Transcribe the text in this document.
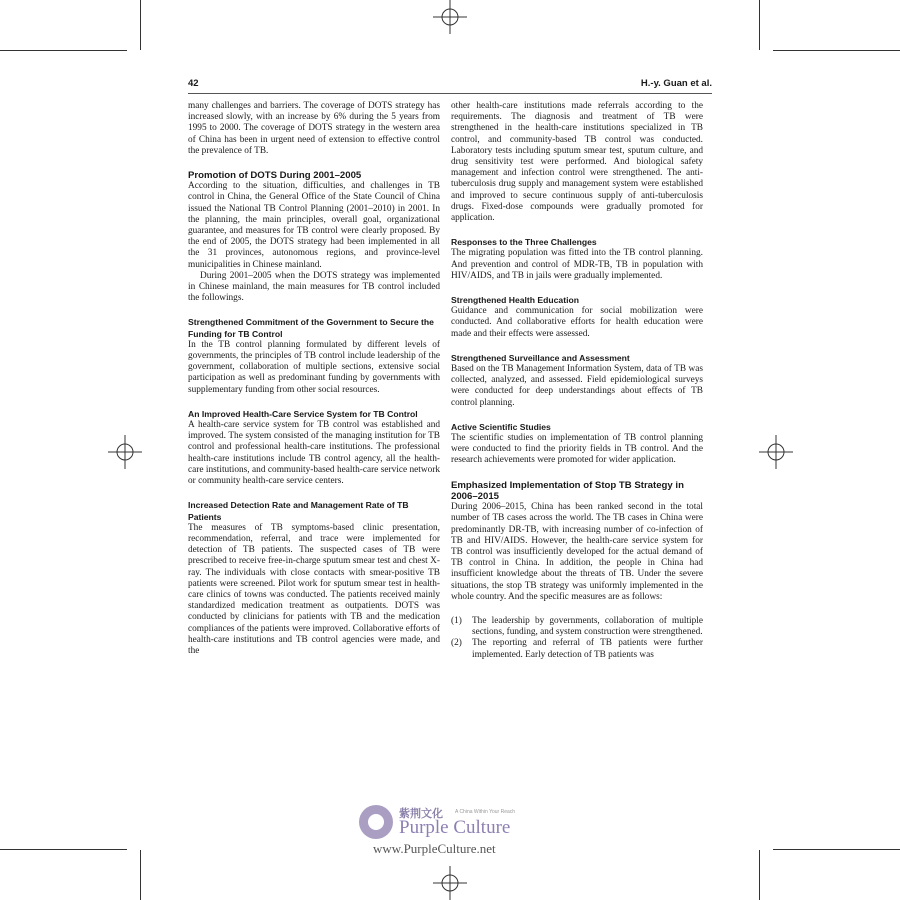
42	H.-y. Guan et al.

many challenges and barriers. The coverage of DOTS strategy has increased slowly, with an increase by 6% during the 5 years from 1995 to 2000. The coverage of DOTS strategy in the western area of China has been in urgent need of extension to effective control the prevalence of TB.

Promotion of DOTS During 2001–2005

According to the situation, difficulties, and challenges in TB control in China, the General Office of the State Council of China issued the National TB Control Planning (2001–2010) in 2001. In the planning, the main principles, overall goal, organizational guarantee, and measures for TB control were clearly proposed. By the end of 2005, the DOTS strategy had been implemented in all the 31 provinces, autonomous regions, and province-level municipalities in Chinese mainland.

During 2001–2005 when the DOTS strategy was implemented in Chinese mainland, the main measures for TB control included the followings.

Strengthened Commitment of the Government to Secure the Funding for TB Control

In the TB control planning formulated by different levels of governments, the principles of TB control include leadership of the government, collaboration of multiple sections, extensive social participation as well as predominant funding by governments with supplementary funding from other social resources.

An Improved Health-Care Service System for TB Control

A health-care service system for TB control was established and improved. The system consisted of the managing institution for TB control and professional health-care institutions. The professional health-care institutions include TB control agency, all the health-care institutions, and community-based health-care service network or community health-care service centers.

Increased Detection Rate and Management Rate of TB Patients

The measures of TB symptoms-based clinic presentation, recommendation, referral, and trace were implemented for detection of TB patients. The suspected cases of TB were prescribed to receive free-in-charge sputum smear test and chest X-ray. The individuals with close contacts with smear-positive TB patients were screened. Pilot work for sputum smear test in health-care clinics of towns was conducted. The patients received mainly standardized medication treatment as outpatients. DOTS was conducted by clinicians for patients with TB and the medication compliances of the patients were improved. Collaborative efforts of health-care institutions and TB control agencies were made, and the

other health-care institutions made referrals according to the requirements. The diagnosis and treatment of TB were strengthened in the health-care institutions specialized in TB control, and community-based TB control was conducted. Laboratory tests including sputum smear test, sputum culture, and drug sensitivity test were performed. And biological safety management and infection control were strengthened. The anti-tuberculosis drug supply and management system were established and improved to secure continuous supply of anti-tuberculosis drugs. Fixed-dose compounds were gradually promoted for application.

Responses to the Three Challenges

The migrating population was fitted into the TB control planning. And prevention and control of MDR-TB, TB in population with HIV/AIDS, and TB in jails were gradually implemented.

Strengthened Health Education

Guidance and communication for social mobilization were conducted. And collaborative efforts for health education were made and their effects were assessed.

Strengthened Surveillance and Assessment

Based on the TB Management Information System, data of TB was collected, analyzed, and assessed. Field epidemiological surveys were conducted for deep understandings about effects of TB control planning.

Active Scientific Studies

The scientific studies on implementation of TB control planning were conducted to find the priority fields in TB control. And the research achievements were promoted for wider application.

Emphasized Implementation of Stop TB Strategy in 2006–2015

During 2006–2015, China has been ranked second in the total number of TB cases across the world. The TB cases in China were predominantly DR-TB, with increasing number of co-infection of TB and HIV/AIDS. However, the health-care service system for TB control was insufficiently developed for the actual demand of TB control in China. In addition, the people in China had insufficient knowledge about the threats of TB. Under the severe situations, the stop TB strategy was uniformly implemented in the whole country. And the specific measures are as follows:

(1) The leadership by governments, collaboration of multiple sections, funding, and system construction were strengthened.
(2) The reporting and referral of TB patients were further implemented. Early detection of TB patients was
紫荆文化 A China Within Your Reach
Purple Culture
www.PurpleCulture.net
